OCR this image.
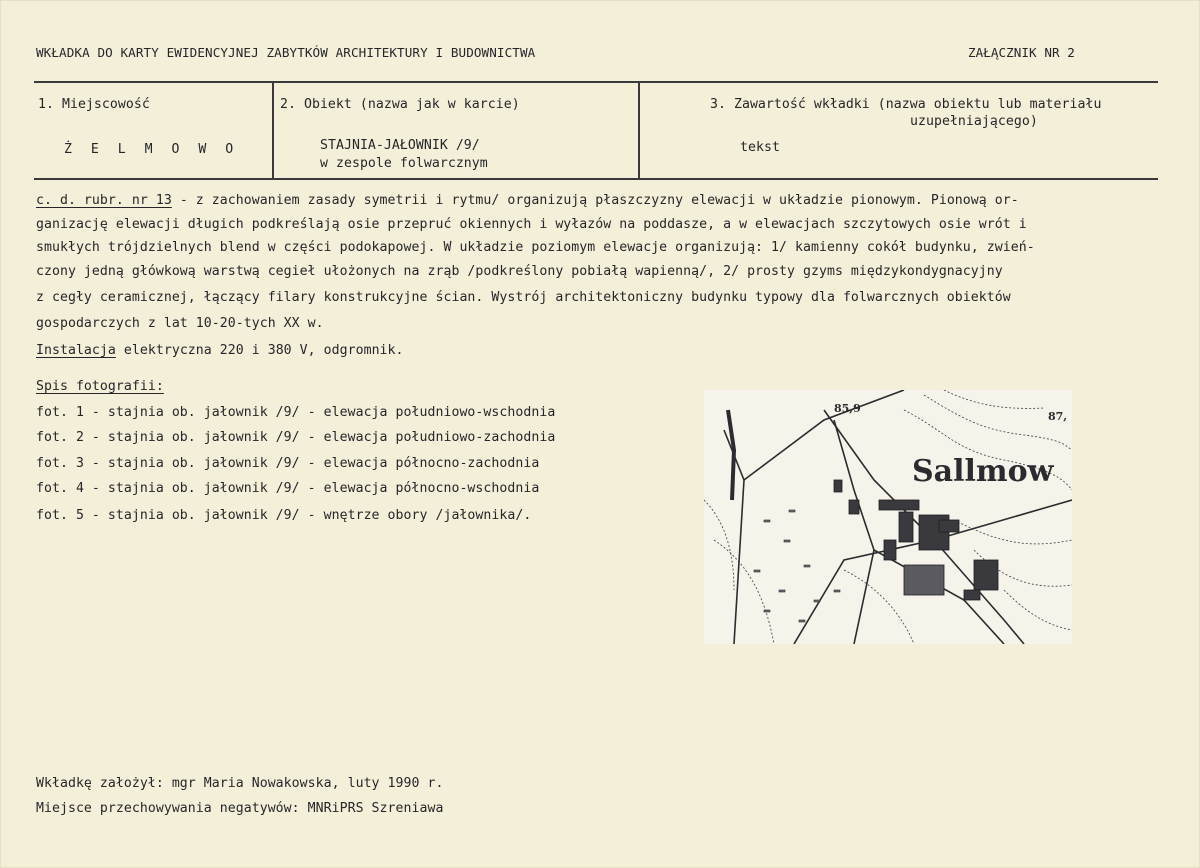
WKŁADKA DO KARTY EWIDENCYJNEJ ZABYTKÓW ARCHITEKTURY I BUDOWNICTWA	ZAŁĄCZNIK NR 2
1. Miejscowość
Ż E L M O W O
2. Obiekt (nazwa jak w karcie)
STAJNIA-JAŁOWNIK /9/
w zespole folwarcznym
3. Zawartość wkładki (nazwa obiektu lub materiału
uzupełniającego)
tekst
c. d. rubr. nr 13 - z zachowaniem zasady symetrii i rytmu/ organizują płaszczyzny elewacji w układzie pionowym. Pionową or-
ganizację elewacji długich podkreślają osie przepruć okiennych i wyłazów na poddasze, a w elewacjach szczytowych osie wrót i
smukłych trójdzielnych blend w części podokapowej. W układzie poziomym elewacje organizują: 1/ kamienny cokół budynku, zwień-
czony jedną główkową warstwą cegieł ułożonych na zrąb /podkreślony pobiałą wapienną/, 2/ prosty gzyms międzykondygnacyjny
z cegły ceramicznej, łączący filary konstrukcyjne ścian. Wystrój architektoniczny budynku typowy dla folwarcznych obiektów
gospodarczych z lat 10-20-tych XX w.
Instalacja elektryczna 220 i 380 V, odgromnik.
Spis fotografii:
fot. 1 - stajnia ob. jałownik /9/ - elewacja południowo-wschodnia
fot. 2 - stajnia ob. jałownik /9/ - elewacja południowo-zachodnia
fot. 3 - stajnia ob. jałownik /9/ - elewacja północno-zachodnia
fot. 4 - stajnia ob. jałownik /9/ - elewacja północno-wschodnia
fot. 5 - stajnia ob. jałownik /9/ - wnętrze obory /jałownika/.
Sallmow
85,9
87,
Wkładkę założył: mgr Maria Nowakowska, luty 1990 r.
Miejsce przechowywania negatywów: MNRiPRS Szreniawa
